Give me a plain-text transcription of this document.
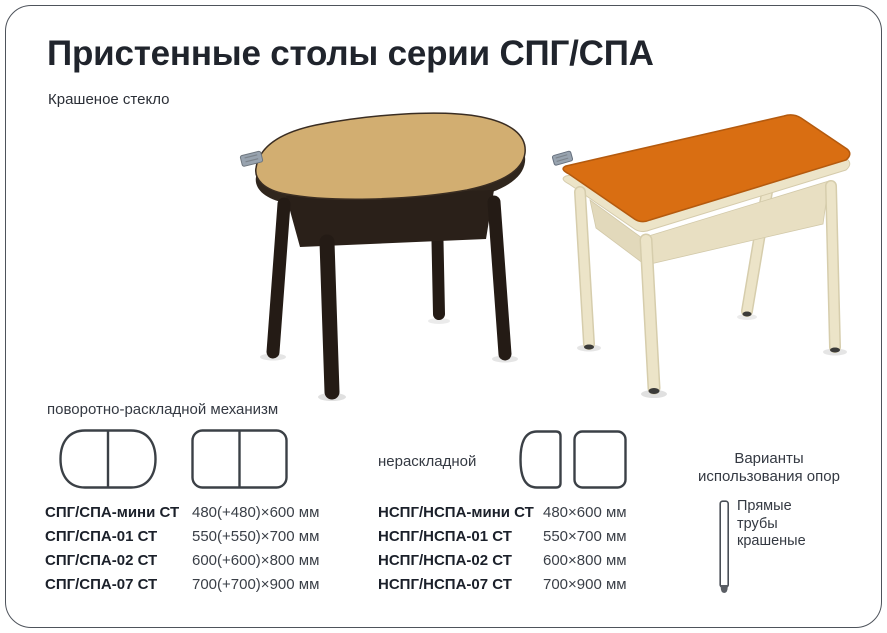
Пристенные столы серии СПГ/СПА
Крашеное стекло
поворотно-раскладной механизм
СПГ/СПА-мини СТ 480(+480)×600 мм
СПГ/СПА-01 СТ 550(+550)×700 мм
СПГ/СПА-02 СТ 600(+600)×800 мм
СПГ/СПА-07 СТ 700(+700)×900 мм
нераскладной
НСПГ/НСПА-мини СТ 480×600 мм
НСПГ/НСПА-01 СТ 550×700 мм
НСПГ/НСПА-02 СТ 600×800 мм
НСПГ/НСПА-07 СТ 700×900 мм
Варианты
использования опор
Прямые трубы крашеные
